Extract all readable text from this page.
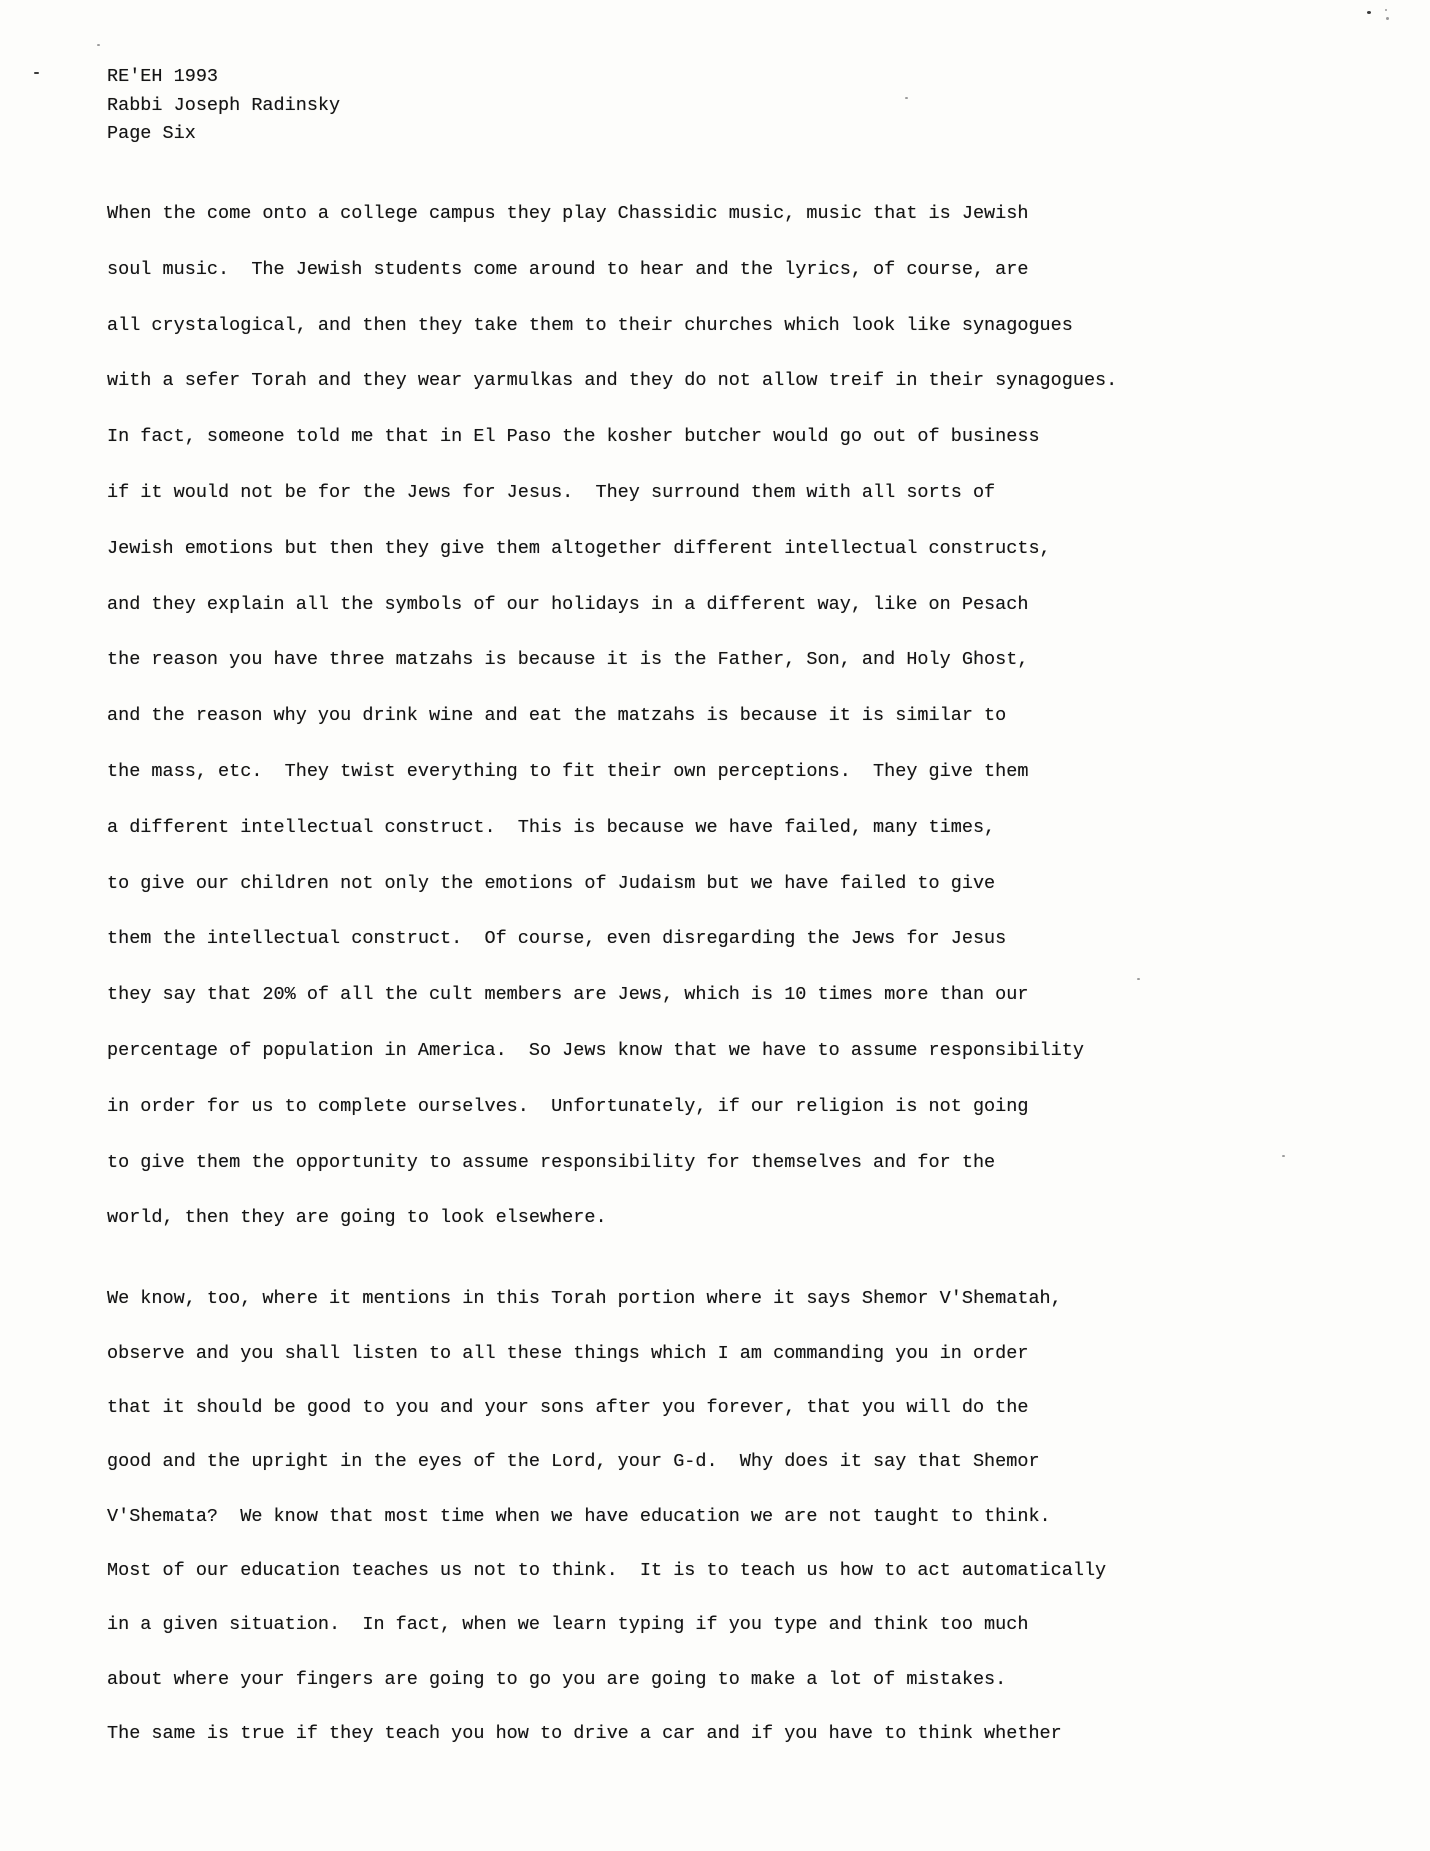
RE'EH 1993
Rabbi Joseph Radinsky
Page Six
When the come onto a college campus they play Chassidic music, music that is Jewish
soul music.  The Jewish students come around to hear and the lyrics, of course, are
all crystalogical, and then they take them to their churches which look like synagogues
with a sefer Torah and they wear yarmulkas and they do not allow treif in their synagogues.
In fact, someone told me that in El Paso the kosher butcher would go out of business
if it would not be for the Jews for Jesus.  They surround them with all sorts of
Jewish emotions but then they give them altogether different intellectual constructs,
and they explain all the symbols of our holidays in a different way, like on Pesach
the reason you have three matzahs is because it is the Father, Son, and Holy Ghost,
and the reason why you drink wine and eat the matzahs is because it is similar to
the mass, etc.  They twist everything to fit their own perceptions.  They give them
a different intellectual construct.  This is because we have failed, many times,
to give our children not only the emotions of Judaism but we have failed to give
them the intellectual construct.  Of course, even disregarding the Jews for Jesus
they say that 20% of all the cult members are Jews, which is 10 times more than our
percentage of population in America.  So Jews know that we have to assume responsibility
in order for us to complete ourselves.  Unfortunately, if our religion is not going
to give them the opportunity to assume responsibility for themselves and for the
world, then they are going to look elsewhere.
We know, too, where it mentions in this Torah portion where it says Shemor V'Shematah,
observe and you shall listen to all these things which I am commanding you in order
that it should be good to you and your sons after you forever, that you will do the
good and the upright in the eyes of the Lord, your G-d.  Why does it say that Shemor
V'Shemata?  We know that most time when we have education we are not taught to think.
Most of our education teaches us not to think.  It is to teach us how to act automatically
in a given situation.  In fact, when we learn typing if you type and think too much
about where your fingers are going to go you are going to make a lot of mistakes.
The same is true if they teach you how to drive a car and if you have to think whether
